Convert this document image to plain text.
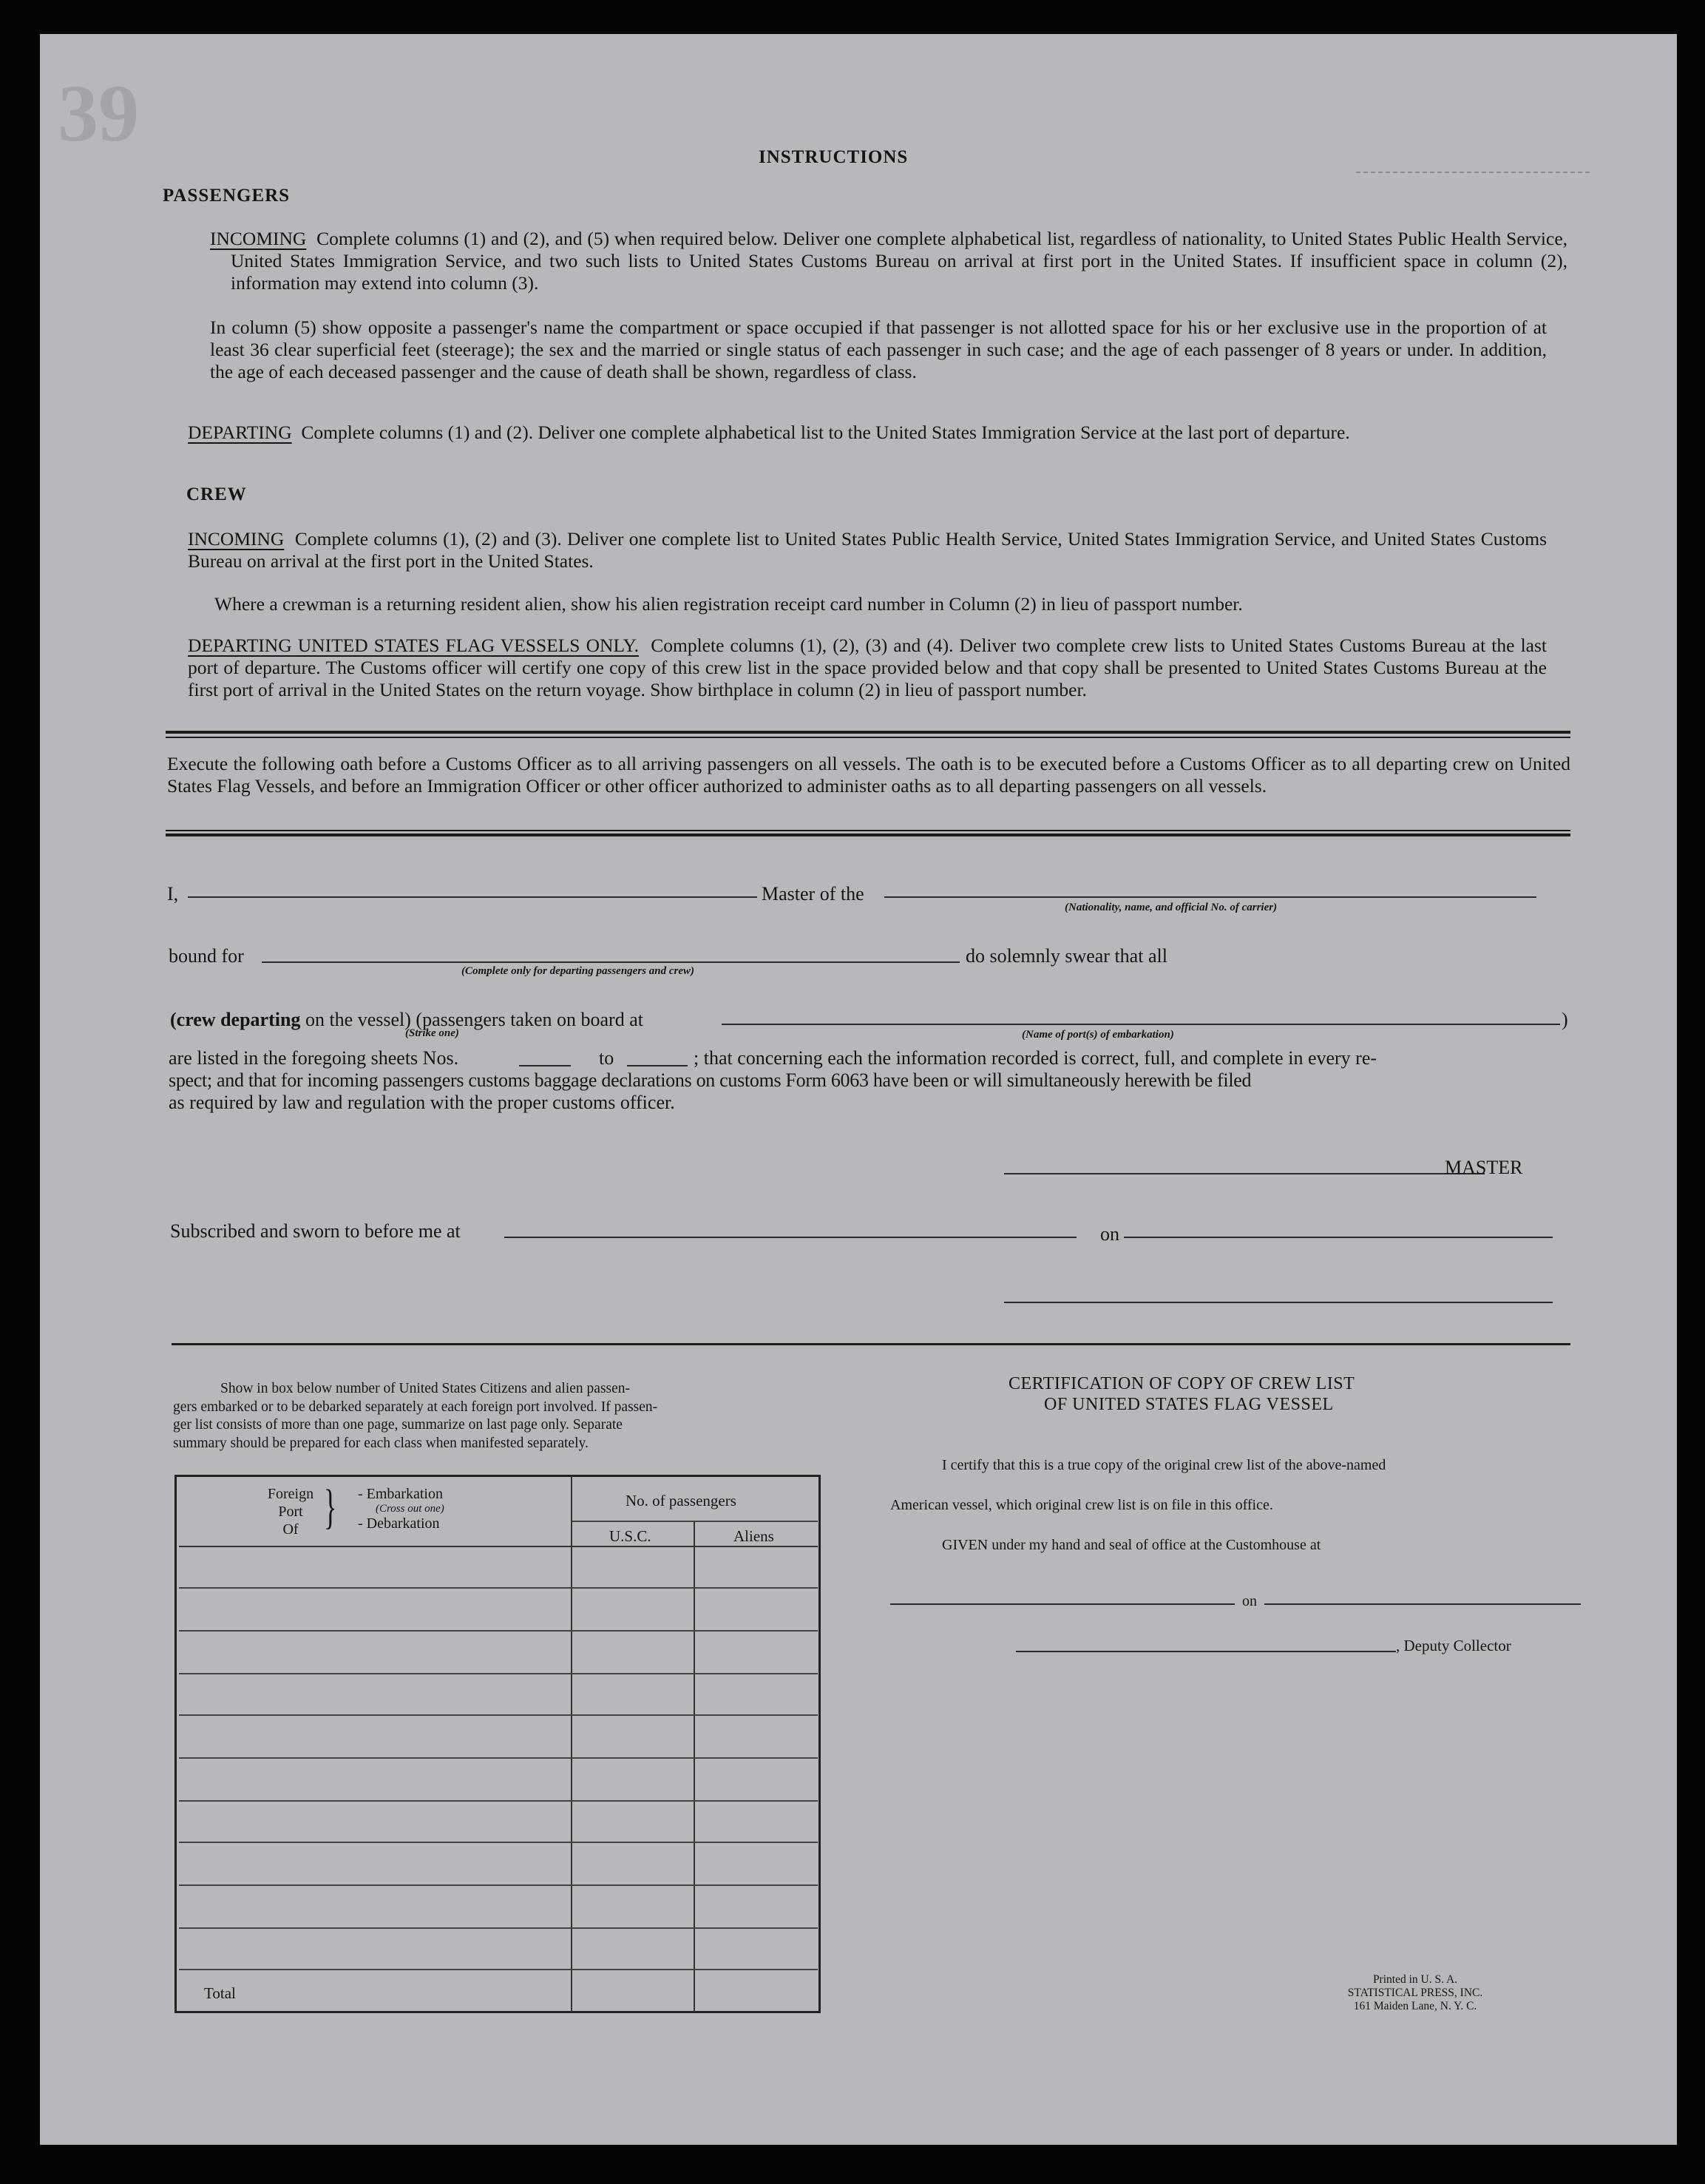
39	INSTRUCTIONS
PASSENGERS
INCOMING Complete columns (1) and (2), and (5) when required below. Deliver one complete alphabetical list, regardless of nationality, to United States Public Health Service, United States Immigration Service, and two such lists to United States Customs Bureau on arrival at first port in the United States. If insufficient space in column (2), information may extend into column (3).
In column (5) show opposite a passenger's name the compartment or space occupied if that passenger is not allotted space for his or her exclusive use in the proportion of at least 36 clear superficial feet (steerage); the sex and the married or single status of each passenger in such case; and the age of each passenger of 8 years or under. In addition, the age of each deceased passenger and the cause of death shall be shown, regardless of class.
DEPARTING Complete columns (1) and (2). Deliver one complete alphabetical list to the United States Immigration Service at the last port of departure.
CREW
INCOMING Complete columns (1), (2) and (3). Deliver one complete list to United States Public Health Service, United States Immigration Service, and United States Customs Bureau on arrival at the first port in the United States.
Where a crewman is a returning resident alien, show his alien registration receipt card number in Column (2) in lieu of passport number.
DEPARTING UNITED STATES FLAG VESSELS ONLY. Complete columns (1), (2), (3) and (4). Deliver two complete crew lists to United States Customs Bureau at the last port of departure. The Customs officer will certify one copy of this crew list in the space provided below and that copy shall be presented to United States Customs Bureau at the first port of arrival in the United States on the return voyage. Show birthplace in column (2) in lieu of passport number.
Execute the following oath before a Customs Officer as to all arriving passengers on all vessels. The oath is to be executed before a Customs Officer as to all departing crew on United States Flag Vessels, and before an Immigration Officer or other officer authorized to administer oaths as to all departing passengers on all vessels.
I,	Master of the
(Nationality, name, and official No. of carrier)
bound for
(Complete only for departing passengers and crew)
do solemnly swear that all
(crew departing on the vessel) (passengers taken on board at	)
(Strike one)	(Name of port(s) of embarkation)
are listed in the foregoing sheets Nos.	to	; that concerning each the information recorded is correct, full, and complete in every re-
spect; and that for incoming passengers customs baggage declarations on customs Form 6063 have been or will simultaneously herewith be filed
as required by law and regulation with the proper customs officer.
MASTER
Subscribed and sworn to before me at	on
Show in box below number of United States Citizens and alien passen-
gers embarked or to be debarked separately at each foreign port involved. If passen-
ger list consists of more than one page, summarize on last page only. Separate
summary should be prepared for each class when manifested separately.
Foreign
Port
Of } - Embarkation
(Cross out one)
- Debarkation
No. of passengers
U.S.C.	Aliens
Total
CERTIFICATION OF COPY OF CREW LIST
OF UNITED STATES FLAG VESSEL
I certify that this is a true copy of the original crew list of the above-named
American vessel, which original crew list is on file in this office.
GIVEN under my hand and seal of office at the Customhouse at
on
, Deputy Collector
Printed in U. S. A.
STATISTICAL PRESS, INC.
161 Maiden Lane, N. Y. C.
